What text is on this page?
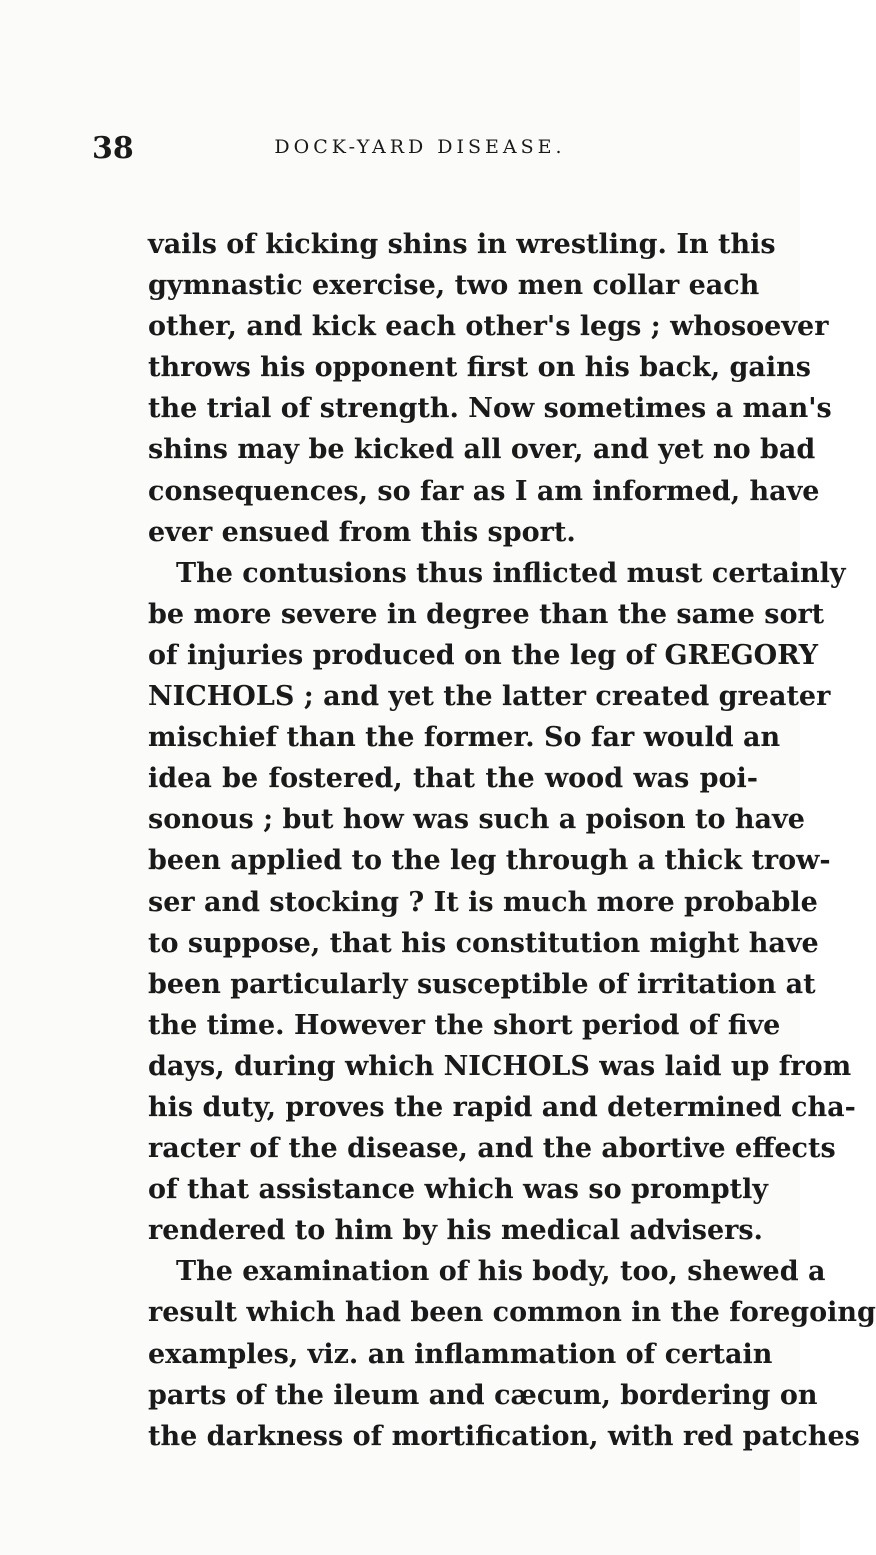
38	DOCK-YARD DISEASE.
vails of kicking shins in wrestling. In this
gymnastic exercise, two men collar each
other, and kick each other's legs ; whosoever
throws his opponent first on his back, gains
the trial of strength. Now sometimes a man's
shins may be kicked all over, and yet no bad
consequences, so far as I am informed, have
ever ensued from this sport.
The contusions thus inflicted must certainly
be more severe in degree than the same sort
of injuries produced on the leg of GREGORY
NICHOLS ; and yet the latter created greater
mischief than the former. So far would an
idea be fostered, that the wood was poi-
sonous ; but how was such a poison to have
been applied to the leg through a thick trow-
ser and stocking ? It is much more probable
to suppose, that his constitution might have
been particularly susceptible of irritation at
the time. However the short period of five
days, during which NICHOLS was laid up from
his duty, proves the rapid and determined cha-
racter of the disease, and the abortive effects
of that assistance which was so promptly
rendered to him by his medical advisers.
The examination of his body, too, shewed a
result which had been common in the foregoing
examples, viz. an inflammation of certain
parts of the ileum and cæcum, bordering on
the darkness of mortification, with red patches
